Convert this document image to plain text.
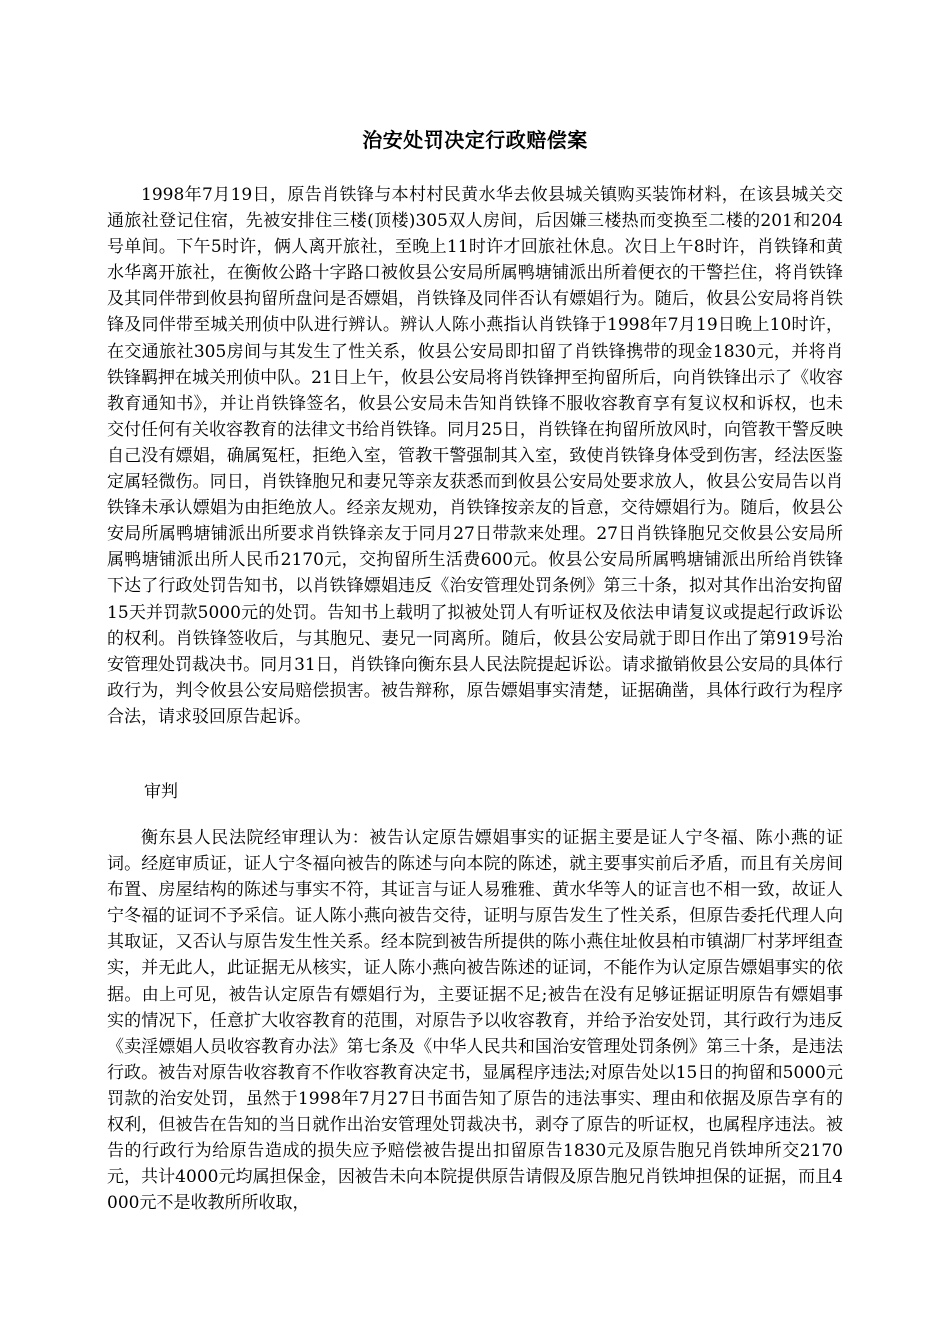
治安处罚决定行政赔偿案

1998年7月19日，原告肖铁锋与本村村民黄水华去攸县城关镇购买装饰材料，在该县城关交通旅社登记住宿，先被安排住三楼(顶楼)305双人房间，后因嫌三楼热而变换至二楼的201和204号单间。下午5时许，俩人离开旅社，至晚上11时许才回旅社休息。次日上午8时许，肖铁锋和黄水华离开旅社，在衡攸公路十字路口被攸县公安局所属鸭塘铺派出所着便衣的干警拦住，将肖铁锋及其同伴带到攸县拘留所盘问是否嫖娼，肖铁锋及同伴否认有嫖娼行为。随后，攸县公安局将肖铁锋及同伴带至城关刑侦中队进行辨认。辨认人陈小燕指认肖铁锋于1998年7月19日晚上10时许，在交通旅社305房间与其发生了性关系，攸县公安局即扣留了肖铁锋携带的现金1830元，并将肖铁锋羁押在城关刑侦中队。21日上午，攸县公安局将肖铁锋押至拘留所后，向肖铁锋出示了《收容教育通知书》，并让肖铁锋签名，攸县公安局未告知肖铁锋不服收容教育享有复议权和诉权，也未交付任何有关收容教育的法律文书给肖铁锋。同月25日，肖铁锋在拘留所放风时，向管教干警反映自己没有嫖娼，确属冤枉，拒绝入室，管教干警强制其入室，致使肖铁锋身体受到伤害，经法医鉴定属轻微伤。同日，肖铁锋胞兄和妻兄等亲友获悉而到攸县公安局处要求放人，攸县公安局告以肖铁锋未承认嫖娼为由拒绝放人。经亲友规劝，肖铁锋按亲友的旨意，交待嫖娼行为。随后，攸县公安局所属鸭塘铺派出所要求肖铁锋亲友于同月27日带款来处理。27日肖铁锋胞兄交攸县公安局所属鸭塘铺派出所人民币2170元，交拘留所生活费600元。攸县公安局所属鸭塘铺派出所给肖铁锋下达了行政处罚告知书，以肖铁锋嫖娼违反《治安管理处罚条例》第三十条，拟对其作出治安拘留15天并罚款5000元的处罚。告知书上载明了拟被处罚人有听证权及依法申请复议或提起行政诉讼的权利。肖铁锋签收后，与其胞兄、妻兄一同离所。随后，攸县公安局就于即日作出了第919号治安管理处罚裁决书。同月31日，肖铁锋向衡东县人民法院提起诉讼。请求撤销攸县公安局的具体行政行为，判令攸县公安局赔偿损害。被告辩称，原告嫖娼事实清楚，证据确凿，具体行政行为程序合法，请求驳回原告起诉。

审判

衡东县人民法院经审理认为：被告认定原告嫖娼事实的证据主要是证人宁冬福、陈小燕的证词。经庭审质证，证人宁冬福向被告的陈述与向本院的陈述，就主要事实前后矛盾，而且有关房间布置、房屋结构的陈述与事实不符，其证言与证人易雅雅、黄水华等人的证言也不相一致，故证人宁冬福的证词不予采信。证人陈小燕向被告交待，证明与原告发生了性关系，但原告委托代理人向其取证，又否认与原告发生性关系。经本院到被告所提供的陈小燕住址攸县柏市镇湖厂村茅坪组查实，并无此人，此证据无从核实，证人陈小燕向被告陈述的证词，不能作为认定原告嫖娼事实的依据。由上可见，被告认定原告有嫖娼行为，主要证据不足;被告在没有足够证据证明原告有嫖娼事实的情况下，任意扩大收容教育的范围，对原告予以收容教育，并给予治安处罚，其行政行为违反《卖淫嫖娼人员收容教育办法》第七条及《中华人民共和国治安管理处罚条例》第三十条，是违法行政。被告对原告收容教育不作收容教育决定书，显属程序违法;对原告处以15日的拘留和5000元罚款的治安处罚，虽然于1998年7月27日书面告知了原告的违法事实、理由和依据及原告享有的权利，但被告在告知的当日就作出治安管理处罚裁决书，剥夺了原告的听证权，也属程序违法。被告的行政行为给原告造成的损失应予赔偿被告提出扣留原告1830元及原告胞兄肖铁坤所交2170元，共计4000元均属担保金，因被告未向本院提供原告请假及原告胞兄肖铁坤担保的证据，而且4000元不是收教所所收取，
